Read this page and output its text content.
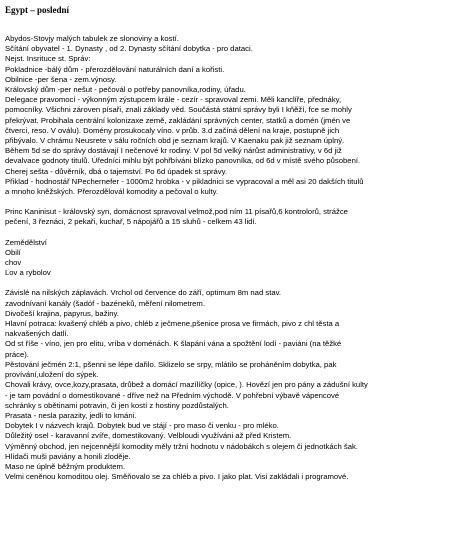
Egypt – poslední
Abydos-Stovjy malých tabulek ze slonoviny a kostí.
Sčítání obyvatel - 1. Dynasty , od 2. Dynasty sčítání dobytka - pro dataci.
Nejst. Insrituce st. Správ:
Pokladnice -bálý dům - přerozdělování naturálních daní a kořisti.
Obilnice -per šena - zem.výnosy.
Královský dům -per nešut - pečovál o potřeby panovníka,rodiny, úřadu.
Delegace pravomocí - výkonným zýstupcem krále - cezír - spravoval zemi. Měli kanclíře, přednáky,
pomocníky. Všichni zároven písaři, znali základy věd. Součástá státní správy byli I kňěží, fce se mohly
překrývat. Probihala centrální kolonizaxe země, zakládání správných center, statků a domén (jmén ve
čtverci, reso. V oválu). Domény prosukocaly víno. v průb. 3.d začíná dělení na kraje, postupně jich
přibývalo. V chrámu Neusrete v sálu ročních obd je seznam krajů. V Kaenaku pak již seznam úplný.
Během 5d se do správy dostávají I nečenové kr rodiny. V pol 5d velký nárůst administrativy, v 6d již
devalvace godnoty titulů. Úředníci mihlu být pohřbíváni blízko panovníka, od 6d v místě svého působení.
Cherej sešta - důvěrník, dbá o tajemství. Po 6d úpadek st správy.
Přiklad - hodnostář NPechernefer - 1000m2 hrobka - v pikladnici se vypracoval a měl asi 20 dakších titulů
a mnoho kněžských. Přerozdělovál komodity a pečoval o kulty.
Princ Kaninisut - královský syn, domácnost spravoval velmož,pod ním 11 písařů,6 kontrolorů, strážce
pečení, 3 řeznáci, 2 pekaři, kuchař, 5 nápojářů a 15 sluhů - celkem 43 lidí.
Zemědělství
Obilí
chov
Lov a rybolov
Závislé na nilských záplavách. Vrchol od července do září, optimum 8m nad stav.
zavodnívaní kanály (šadóf - bazéneků, měření nilometrem.
Divočeší krajina, papyrus, bažiny.
Hlavní potraca: kvašený chléb a pivo, chléb z ječmene,pšenice prosa ve firmách, pivo z chl těsta a
nakvašených datlí.
Od st říše - víno, jen pro elitu, vríba v doménách. K šlapání vána a spožtění lodí - paviáni (na těžké
práce).
Pěstování ječmén 2:1, pšenni se lépe dařilo. Sklizelo se srpy, mlátilo se proháněním dobytka, pak
provívání,uložení do sýpek.
Chovali krávy, ovce,kozy,prasata, drůbež a domácí mazílíčky (opice, ). Hovězí jen pro pány a zádušní kulty
- je tam povádní o domestikované - dříve než na Předním východě. V pohřební výbavě vápencové
schránky s obětinami potravin, či jen kostí z hostiny pozdůstalých.
Prasata - nesla parazity, jedli to kmáni.
Dobytek I v názvech krajů. Dobytek bud ve stájí - pro maso či venku - pro mléko.
Důležitý osel - karavanní zvíře, domestikovaný. Velbloudi využíváni až před Kristem.
Výměnný obchod, jen nejcennější komodity měly tržní hodnotu v nádobákch s olejem či jednotkách šak.
Hlídači muši paviány a honili zloděje.
Maso ne úplně běžným produktem.
Velmi ceněnou komoditou olej. Směňovalo se za chléb a pivo. I jako plat. Visi zakládali i programové.
